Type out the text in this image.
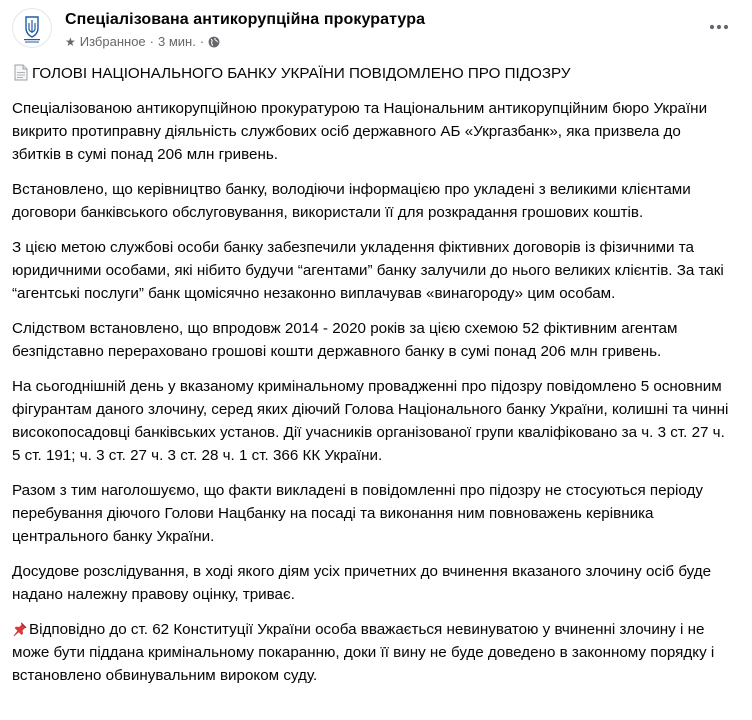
Спеціалізована антикорупційна прокуратура
★ Избранное · 3 мин. ·
ГОЛОВІ НАЦІОНАЛЬНОГО БАНКУ УКРАЇНИ ПОВІДОМЛЕНО ПРО ПІДОЗРУ

Спеціалізованою антикорупційною прокуратурою та Національним антикорупційним бюро України викрито протиправну діяльність службових осіб державного АБ «Укргазбанк», яка призвела до збитків в сумі понад 206 млн гривень.

Встановлено, що керівництво банку, володіючи інформацією про укладені з великими клієнтами договори банківського обслуговування, використали її для розкрадання грошових коштів.

З цією метою службові особи банку забезпечили укладення фіктивних договорів із фізичними та юридичними особами, які нібито будучи “агентами” банку залучили до нього великих клієнтів. За такі “агентські послуги” банк щомісячно незаконно виплачував «винагороду» цим особам.

Слідством встановлено, що впродовж 2014 - 2020 років за цією схемою 52 фіктивним агентам безпідставно перераховано грошові кошти державного банку в сумі понад 206 млн гривень.

На сьогоднішній день у вказаному кримінальному провадженні про підозру повідомлено 5 основним фігурантам даного злочину, серед яких діючий Голова Національного банку України, колишні та чинні високопосадовці банківських установ. Дії учасників організованої групи кваліфіковано за ч. 3 ст. 27 ч. 5 ст. 191; ч. 3 ст. 27 ч. 3 ст. 28 ч. 1 ст. 366 КК України.

Разом з тим наголошуємо, що факти викладені в повідомленні про підозру не стосуються періоду перебування діючого Голови Нацбанку на посаді та виконання ним повноважень керівника центрального банку України.

Досудове розслідування, в ході якого діям усіх причетних до вчинення вказаного злочину осіб буде надано належну правову оцінку, триває.

Відповідно до ст. 62 Конституції України особа вважається невинуватою у вчиненні злочину і не може бути піддана кримінальному покаранню, доки її вину не буде доведено в законному порядку і встановлено обвинувальним вироком суду.
